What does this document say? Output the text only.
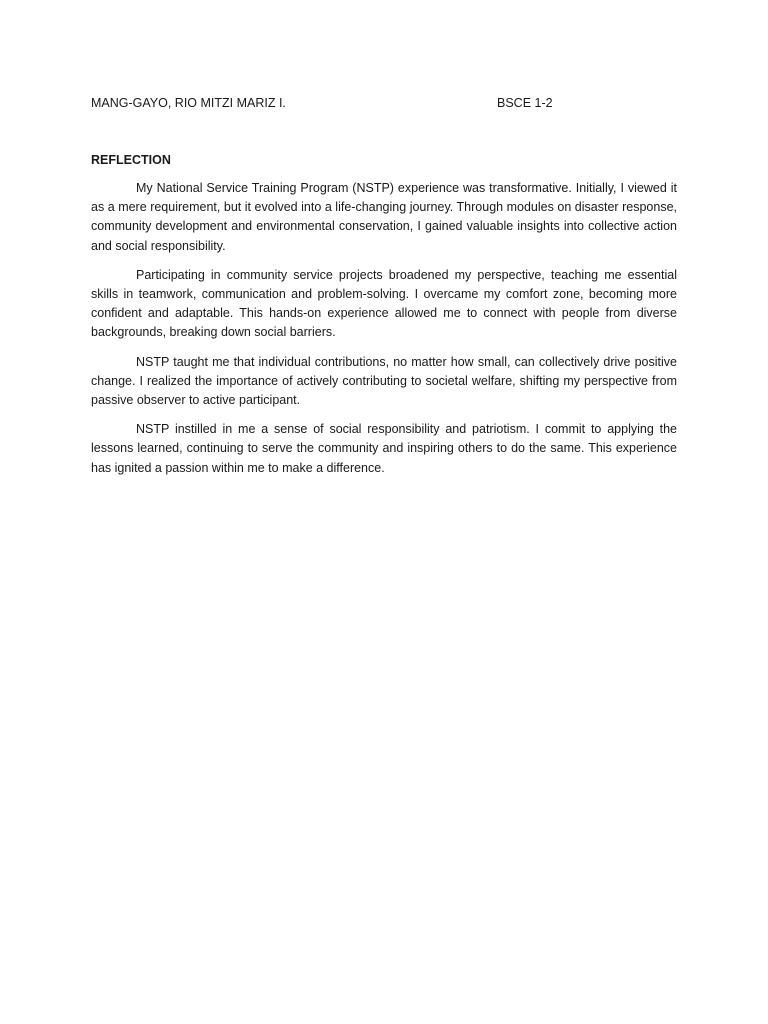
MANG-GAYO, RIO MITZI MARIZ I.	BSCE 1-2
REFLECTION

My National Service Training Program (NSTP) experience was transformative. Initially, I viewed it as a mere requirement, but it evolved into a life-changing journey. Through modules on disaster response, community development and environmental conservation, I gained valuable insights into collective action and social responsibility.

Participating in community service projects broadened my perspective, teaching me essential skills in teamwork, communication and problem-solving. I overcame my comfort zone, becoming more confident and adaptable. This hands-on experience allowed me to connect with people from diverse backgrounds, breaking down social barriers.

NSTP taught me that individual contributions, no matter how small, can collectively drive positive change. I realized the importance of actively contributing to societal welfare, shifting my perspective from passive observer to active participant.

NSTP instilled in me a sense of social responsibility and patriotism. I commit to applying the lessons learned, continuing to serve the community and inspiring others to do the same. This experience has ignited a passion within me to make a difference.
